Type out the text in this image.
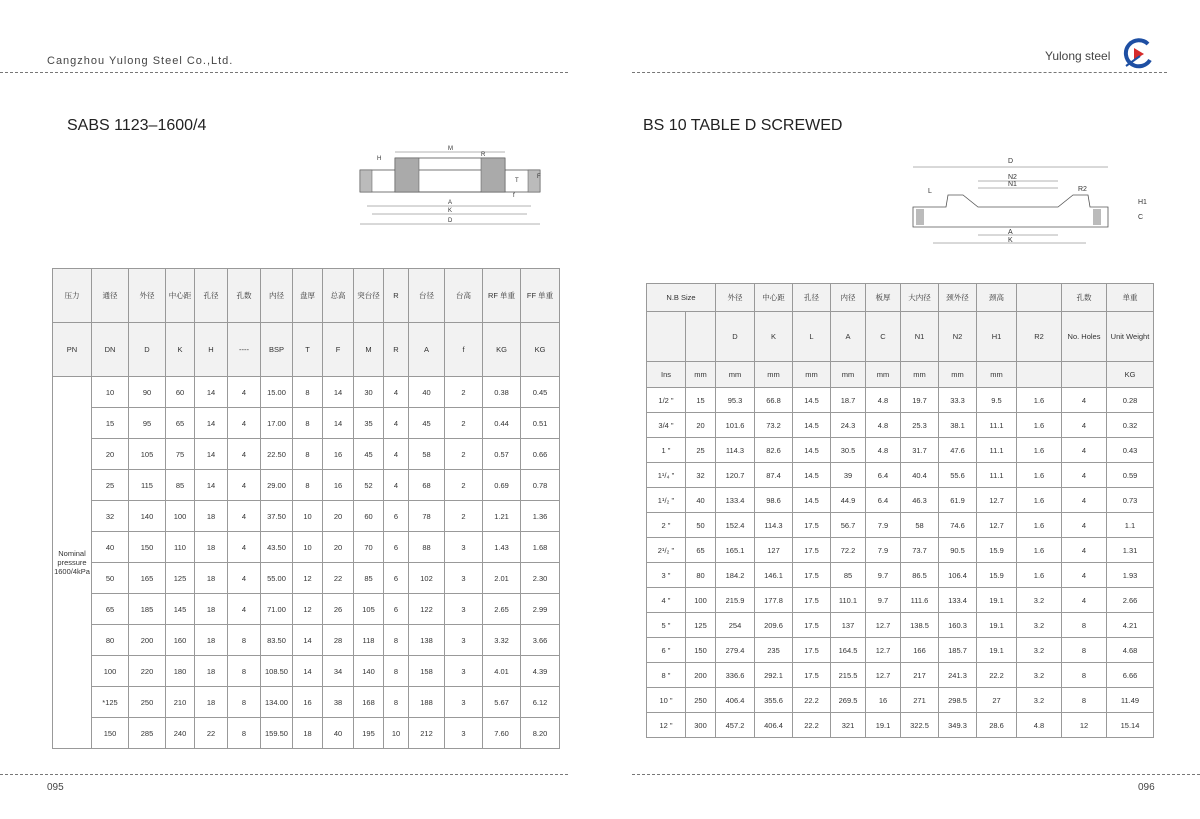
Cangzhou Yulong Steel Co.,Ltd.	Yulong steel
SABS 1123–1600/4
H
M
R
T
F
f
A
K
D
压力	通径	外径	中心距	孔径	孔数	内径	盘厚	总高	突台径	R	台径	台高	RF 单重	FF 单重
PN	DN	D	K	H	----	BSP	T	F	M	R	A	f	KG	KG
Nominal pressure 1600/4kPa	10	90	60	14	4	15.00	8	14	30	4	40	2	0.38	0.45
	15	95	65	14	4	17.00	8	14	35	4	45	2	0.44	0.51
	20	105	75	14	4	22.50	8	16	45	4	58	2	0.57	0.66
	25	115	85	14	4	29.00	8	16	52	4	68	2	0.69	0.78
	32	140	100	18	4	37.50	10	20	60	6	78	2	1.21	1.36
	40	150	110	18	4	43.50	10	20	70	6	88	3	1.43	1.68
	50	165	125	18	4	55.00	12	22	85	6	102	3	2.01	2.30
	65	185	145	18	4	71.00	12	26	105	6	122	3	2.65	2.99
	80	200	160	18	8	83.50	14	28	118	8	138	3	3.32	3.66
	100	220	180	18	8	108.50	14	34	140	8	158	3	4.01	4.39
	*125	250	210	18	8	134.00	16	38	168	8	188	3	5.67	6.12
	150	285	240	22	8	159.50	18	40	195	10	212	3	7.60	8.20
BS 10 TABLE D SCREWED
D
N2
N1
L	R2
H1
C
A
K
N.B Size		外径	中心距	孔径	内径	板厚	大内径	颈外径	颈高		孔数	单重
		D	K	L	A	C	N1	N2	H1	R2	No. Holes	Unit Weight
Ins	mm	mm	mm	mm	mm	mm	mm	mm	mm			KG
1/2 "	15	95.3	66.8	14.5	18.7	4.8	19.7	33.3	9.5	1.6	4	0.28
3/4 "	20	101.6	73.2	14.5	24.3	4.8	25.3	38.1	11.1	1.6	4	0.32
1 "	25	114.3	82.6	14.5	30.5	4.8	31.7	47.6	11.1	1.6	4	0.43
1¹/₄ "	32	120.7	87.4	14.5	39	6.4	40.4	55.6	11.1	1.6	4	0.59
1¹/₂ "	40	133.4	98.6	14.5	44.9	6.4	46.3	61.9	12.7	1.6	4	0.73
2 "	50	152.4	114.3	17.5	56.7	7.9	58	74.6	12.7	1.6	4	1.1
2¹/₂ "	65	165.1	127	17.5	72.2	7.9	73.7	90.5	15.9	1.6	4	1.31
3 "	80	184.2	146.1	17.5	85	9.7	86.5	106.4	15.9	1.6	4	1.93
4 "	100	215.9	177.8	17.5	110.1	9.7	111.6	133.4	19.1	3.2	4	2.66
5 "	125	254	209.6	17.5	137	12.7	138.5	160.3	19.1	3.2	8	4.21
6 "	150	279.4	235	17.5	164.5	12.7	166	185.7	19.1	3.2	8	4.68
8 "	200	336.6	292.1	17.5	215.5	12.7	217	241.3	22.2	3.2	8	6.66
10 "	250	406.4	355.6	22.2	269.5	16	271	298.5	27	3.2	8	11.49
12 "	300	457.2	406.4	22.2	321	19.1	322.5	349.3	28.6	4.8	12	15.14
095	096
